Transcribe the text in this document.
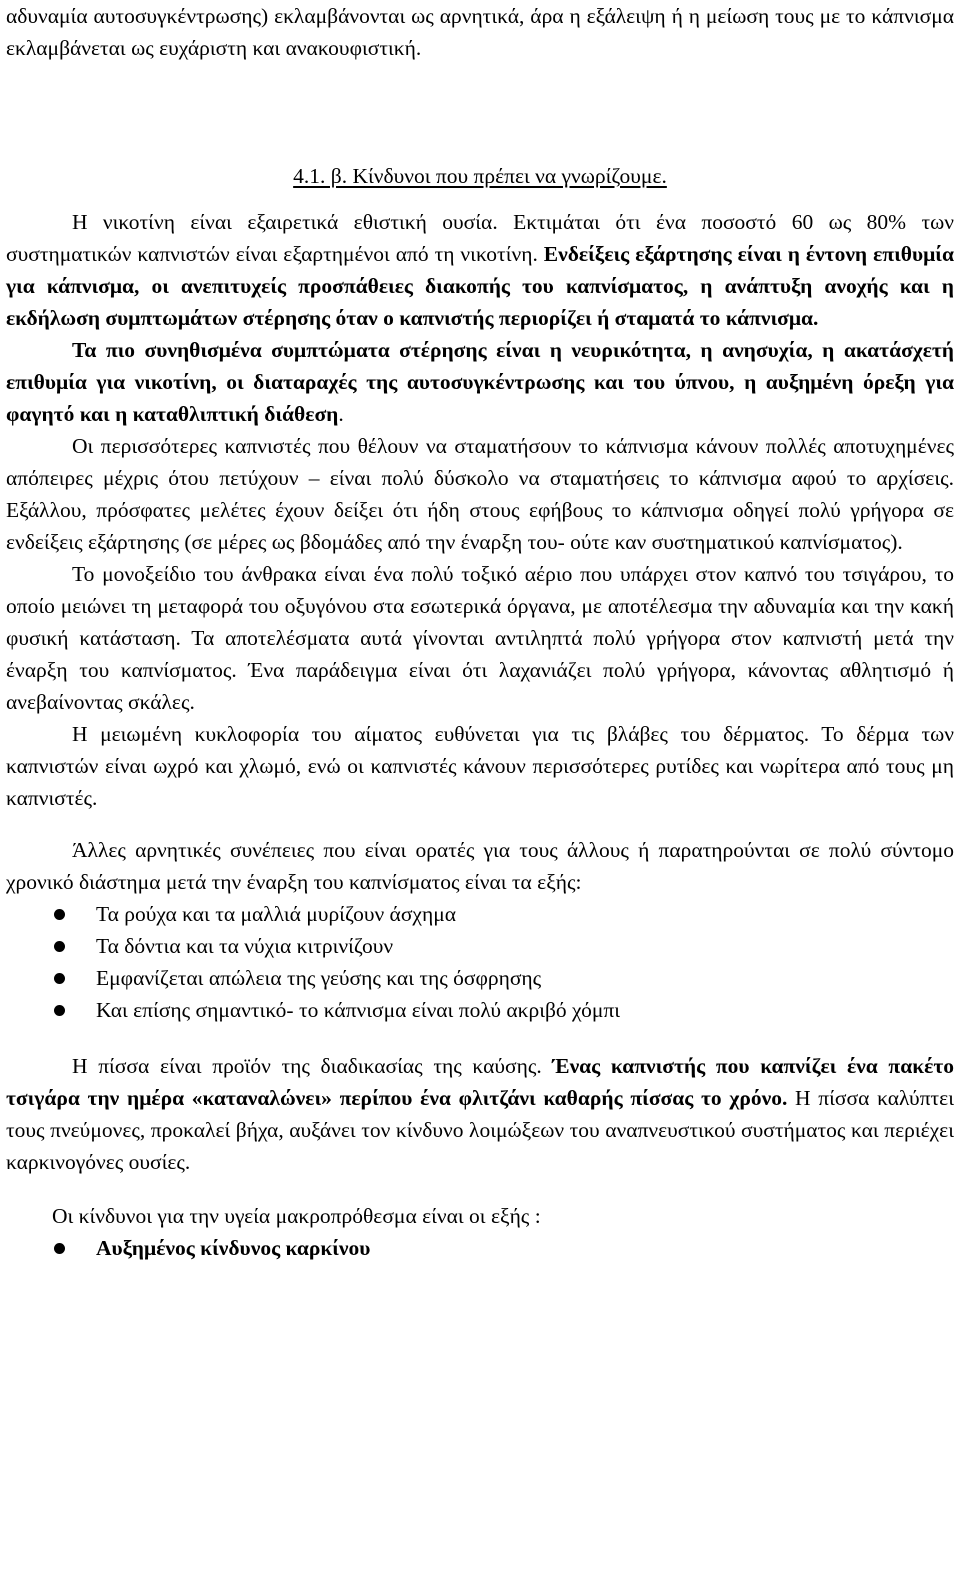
αδυναμία αυτοσυγκέντρωσης) εκλαμβάνονται ως αρνητικά, άρα η εξάλειψη ή η μείωση τους με το κάπνισμα εκλαμβάνεται ως ευχάριστη και ανακουφιστική.

4.1. β. Κίνδυνοι που πρέπει να γνωρίζουμε.

Η νικοτίνη είναι εξαιρετικά εθιστική ουσία. Εκτιμάται ότι ένα ποσοστό 60 ως 80% των συστηματικών καπνιστών είναι εξαρτημένοι από τη νικοτίνη. Ενδείξεις εξάρτησης είναι η έντονη επιθυμία για κάπνισμα, οι ανεπιτυχείς προσπάθειες διακοπής του καπνίσματος, η ανάπτυξη ανοχής και η εκδήλωση συμπτωμάτων στέρησης όταν ο καπνιστής περιορίζει ή σταματά το κάπνισμα.

Τα πιο συνηθισμένα συμπτώματα στέρησης είναι η νευρικότητα, η ανησυχία, η ακατάσχετή επιθυμία για νικοτίνη, οι διαταραχές της αυτοσυγκέντρωσης και του ύπνου, η αυξημένη όρεξη για φαγητό και η καταθλιπτική διάθεση.

Οι περισσότερες καπνιστές που θέλουν να σταματήσουν το κάπνισμα κάνουν πολλές αποτυχημένες απόπειρες μέχρις ότου πετύχουν – είναι πολύ δύσκολο να σταματήσεις το κάπνισμα αφού το αρχίσεις. Εξάλλου, πρόσφατες μελέτες έχουν δείξει ότι ήδη στους εφήβους το κάπνισμα οδηγεί πολύ γρήγορα σε ενδείξεις εξάρτησης (σε μέρες ως βδομάδες από την έναρξη του- ούτε καν συστηματικού καπνίσματος).

Το μονοξείδιο του άνθρακα είναι ένα πολύ τοξικό αέριο που υπάρχει στον καπνό του τσιγάρου, το οποίο μειώνει τη μεταφορά του οξυγόνου στα εσωτερικά όργανα, με αποτέλεσμα την αδυναμία και την κακή φυσική κατάσταση. Τα αποτελέσματα αυτά γίνονται αντιληπτά πολύ γρήγορα στον καπνιστή μετά την έναρξη του καπνίσματος. Ένα παράδειγμα είναι ότι λαχανιάζει πολύ γρήγορα, κάνοντας αθλητισμό ή ανεβαίνοντας σκάλες.

Η μειωμένη κυκλοφορία του αίματος ευθύνεται για τις βλάβες του δέρματος. Το δέρμα των καπνιστών είναι ωχρό και χλωμό, ενώ οι καπνιστές κάνουν περισσότερες ρυτίδες και νωρίτερα από τους μη καπνιστές.

Άλλες αρνητικές συνέπειες που είναι ορατές για τους άλλους ή παρατηρούνται σε πολύ σύντομο χρονικό διάστημα μετά την έναρξη του καπνίσματος είναι τα εξής:

Τα ρούχα και τα μαλλιά μυρίζουν άσχημα
Τα δόντια και τα νύχια κιτρινίζουν
Εμφανίζεται απώλεια της γεύσης και της όσφρησης
Και επίσης σημαντικό- το κάπνισμα είναι πολύ ακριβό χόμπι

Η πίσσα είναι προϊόν της διαδικασίας της καύσης. Ένας καπνιστής που καπνίζει ένα πακέτο τσιγάρα την ημέρα «καταναλώνει» περίπου ένα φλιτζάνι καθαρής πίσσας το χρόνο. Η πίσσα καλύπτει τους πνεύμονες, προκαλεί βήχα, αυξάνει τον κίνδυνο λοιμώξεων του αναπνευστικού συστήματος και περιέχει καρκινογόνες ουσίες.

Οι κίνδυνοι για την υγεία μακροπρόθεσμα είναι οι εξής :

Αυξημένος κίνδυνος καρκίνου
